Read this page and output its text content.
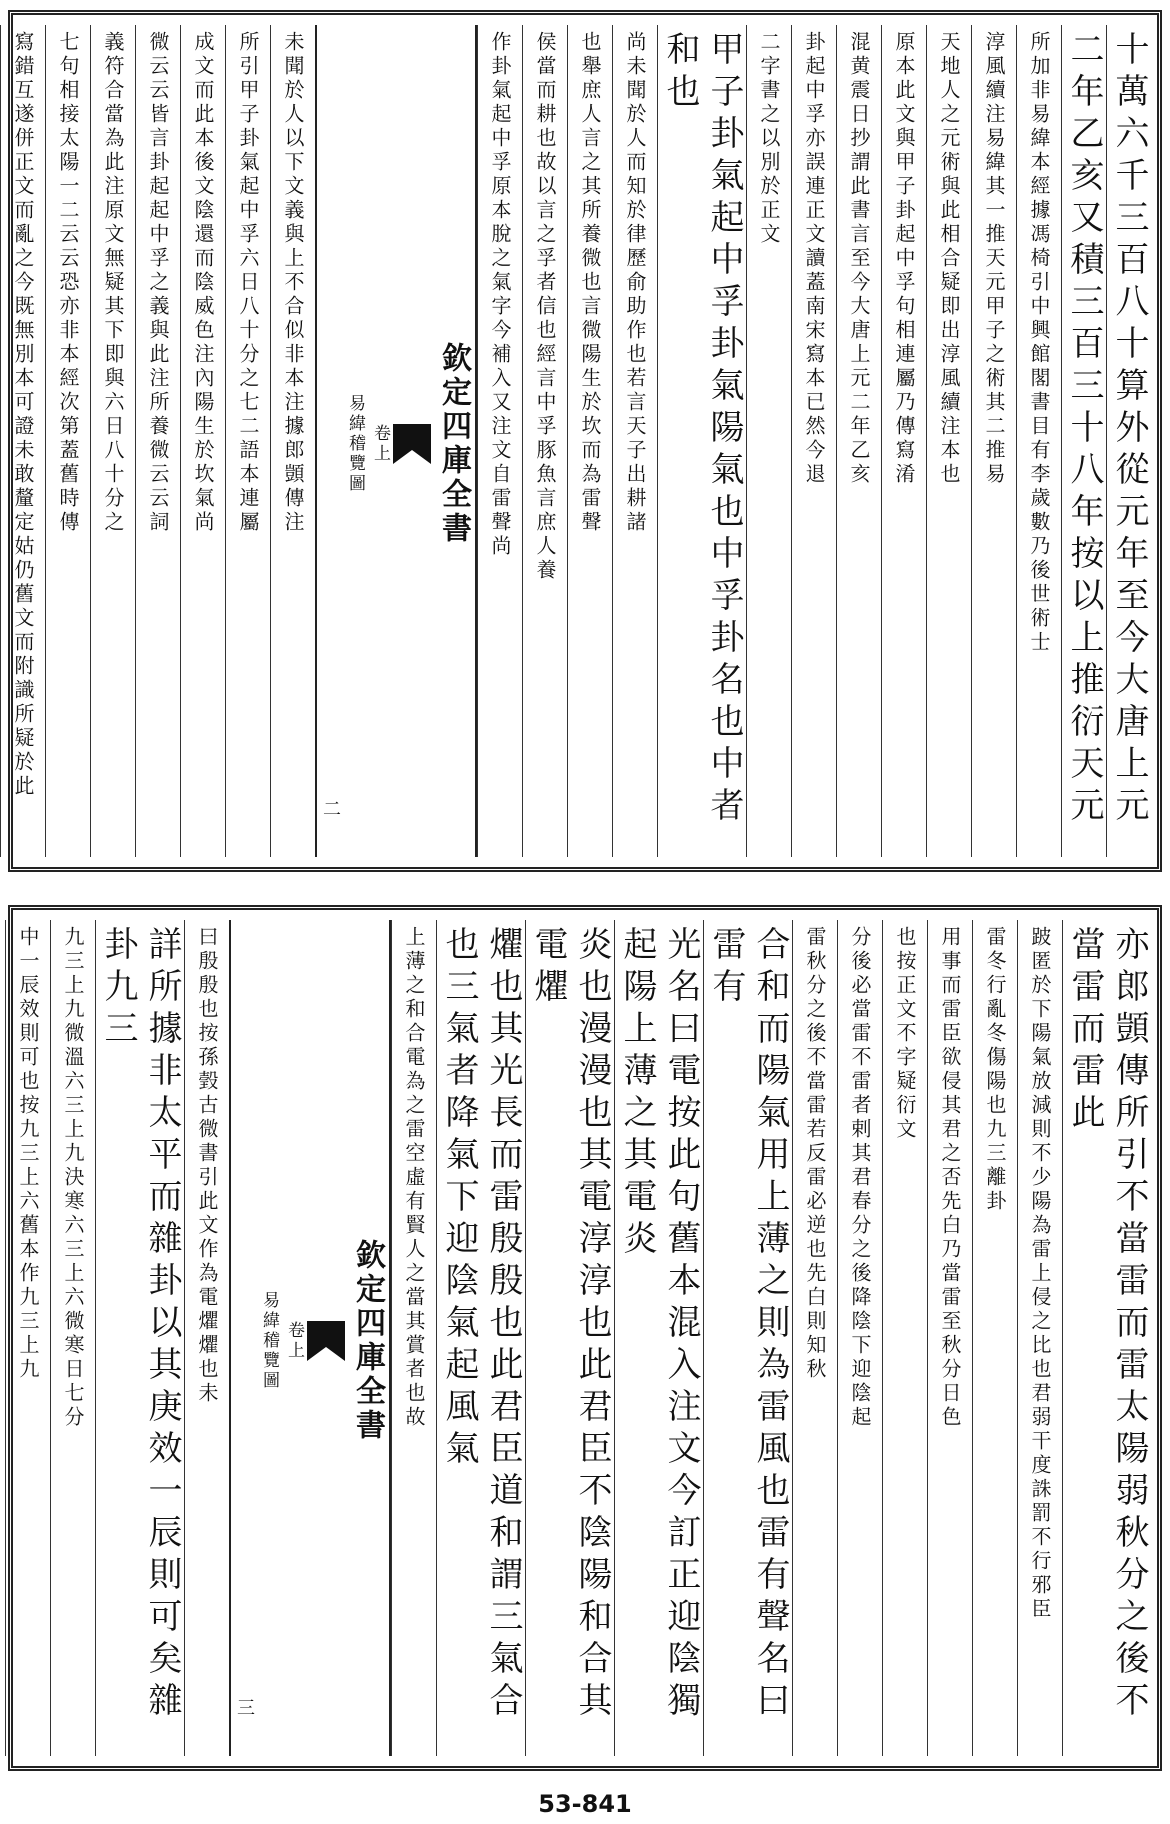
十萬六千三百八十算外從元年至今大唐上元
二年乙亥又積三百三十八年按以上推衍天元
所加非易緯本經據馮椅引中興館閣書目有李歲數乃後世術士
淳風續注易緯其一推天元甲子之術其二推易
天地人之元術與此相合疑即出淳風續注本也
原本此文與甲子卦起中孚句相連屬乃傳寫淆
混黄震日抄謂此書言至今大唐上元二年乙亥
卦起中孚亦誤連正文讀蓋南宋寫本已然今退
二字書之以別於正文
甲子卦氣起中孚卦氣陽氣也中孚卦名也中者和也
尚未聞於人而知於律歷俞助作也若言天子出耕諸
也舉庶人言之其所養微也言微陽生於坎而為雷聲
侯當而耕也故以言之孚者信也經言中孚豚魚言庶人養
作卦氣起中孚原本脫之氣字今補入又注文自雷聲尚
欽定四庫全書
卷上
易緯稽覽圖
二
未聞於人以下文義與上不合似非本注據郎顗傳注
所引甲子卦氣起中孚六日八十分之七二語本連屬
成文而此本後文陰還而陰威色注內陽生於坎氣尚
微云云皆言卦起起中孚之義與此注所養微云云詞
義符合當為此注原文無疑其下即與六日八十分之
七句相接太陽一二云云恐亦非本經次第蓋舊時傳
寫錯互遂併正文而亂之今既無別本可證未敢釐定姑仍舊文而附識所疑於此
亦郎顗傳所引不當雷而雷太陽弱秋分之後不當雷而雷此
跛匿於下陽氣放減則不少陽為雷上侵之比也君弱干度誅罰不行邪臣
雷冬行亂冬傷陽也九三離卦
用事而雷臣欲侵其君之否先白乃當雷至秋分日色
也按正文不字疑衍文
分後必當雷不雷者剌其君春分之後降陰下迎陰起
雷秋分之後不當雷若反雷必逆也先白則知秋
合和而陽氣用上薄之則為雷風也雷有聲名曰雷有
光名曰電按此句舊本混入注文今訂正迎陰獨起陽上薄之其電炎
炎也漫漫也其電淳淳也此君臣不陰陽和合其電爠
爠也其光長而雷殷殷也此君臣道和謂三氣合也三氣者降氣下迎陰氣起風氣
上薄之和合電為之雷空虛有賢人之當其賞者也故
欽定四庫全書
卷上
易緯稽覽圖
三
曰殷殷也按孫瑴古微書引此文作為電爠爠也未
詳所據非太平而雜卦以其庚效一辰則可矣雜卦九三
九三上九微溫六三上九決寒六三上六微寒日七分
中一辰效則可也按九三上六舊本作九三上九
53-841
